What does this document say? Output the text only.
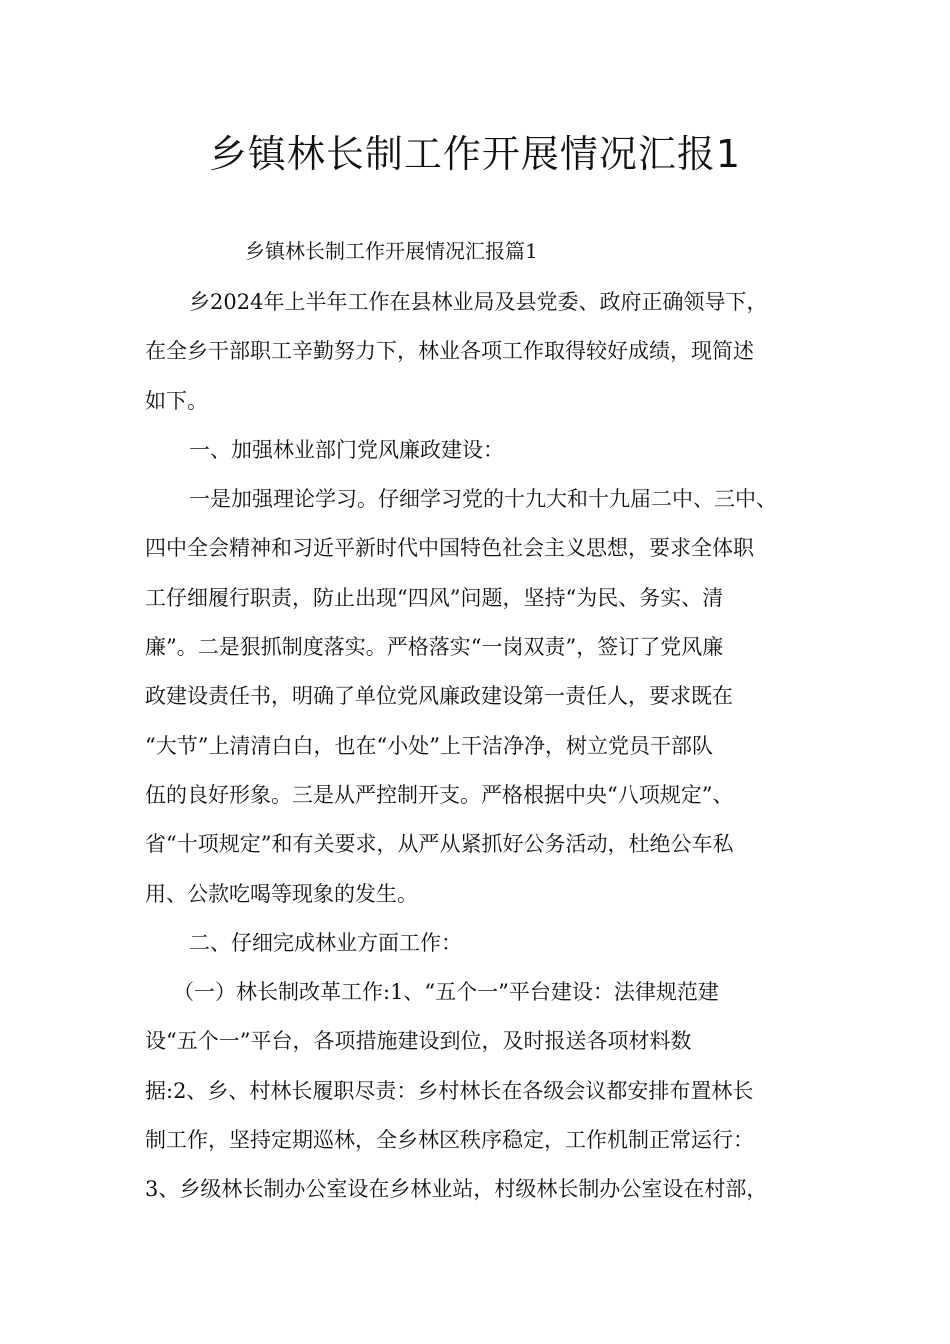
乡镇林长制工作开展情况汇报1
乡镇林长制工作开展情况汇报篇1
乡2024年上半年工作在县林业局及县党委、政府正确领导下，
在全乡干部职工辛勤努力下，林业各项工作取得较好成绩，现简述
如下。
一、加强林业部门党风廉政建设：
一是加强理论学习。仔细学习党的十九大和十九届二中、三中、
四中全会精神和习近平新时代中国特色社会主义思想，要求全体职
工仔细履行职责，防止出现“四风”问题，坚持“为民、务实、清
廉”。二是狠抓制度落实。严格落实“一岗双责”，签订了党风廉
政建设责任书，明确了单位党风廉政建设第一责任人，要求既在
“大节”上清清白白，也在“小处”上干洁净净，树立党员干部队
伍的良好形象。三是从严控制开支。严格根据中央“八项规定”、
省“十项规定”和有关要求，从严从紧抓好公务活动，杜绝公车私
用、公款吃喝等现象的发生。
二、仔细完成林业方面工作：
（一）林长制改革工作:1、“五个一”平台建设：法律规范建
设“五个一”平台，各项措施建设到位，及时报送各项材料数
据:2、乡、村林长履职尽责：乡村林长在各级会议都安排布置林长
制工作，坚持定期巡林，全乡林区秩序稳定，工作机制正常运行：
3、乡级林长制办公室设在乡林业站，村级林长制办公室设在村部，
